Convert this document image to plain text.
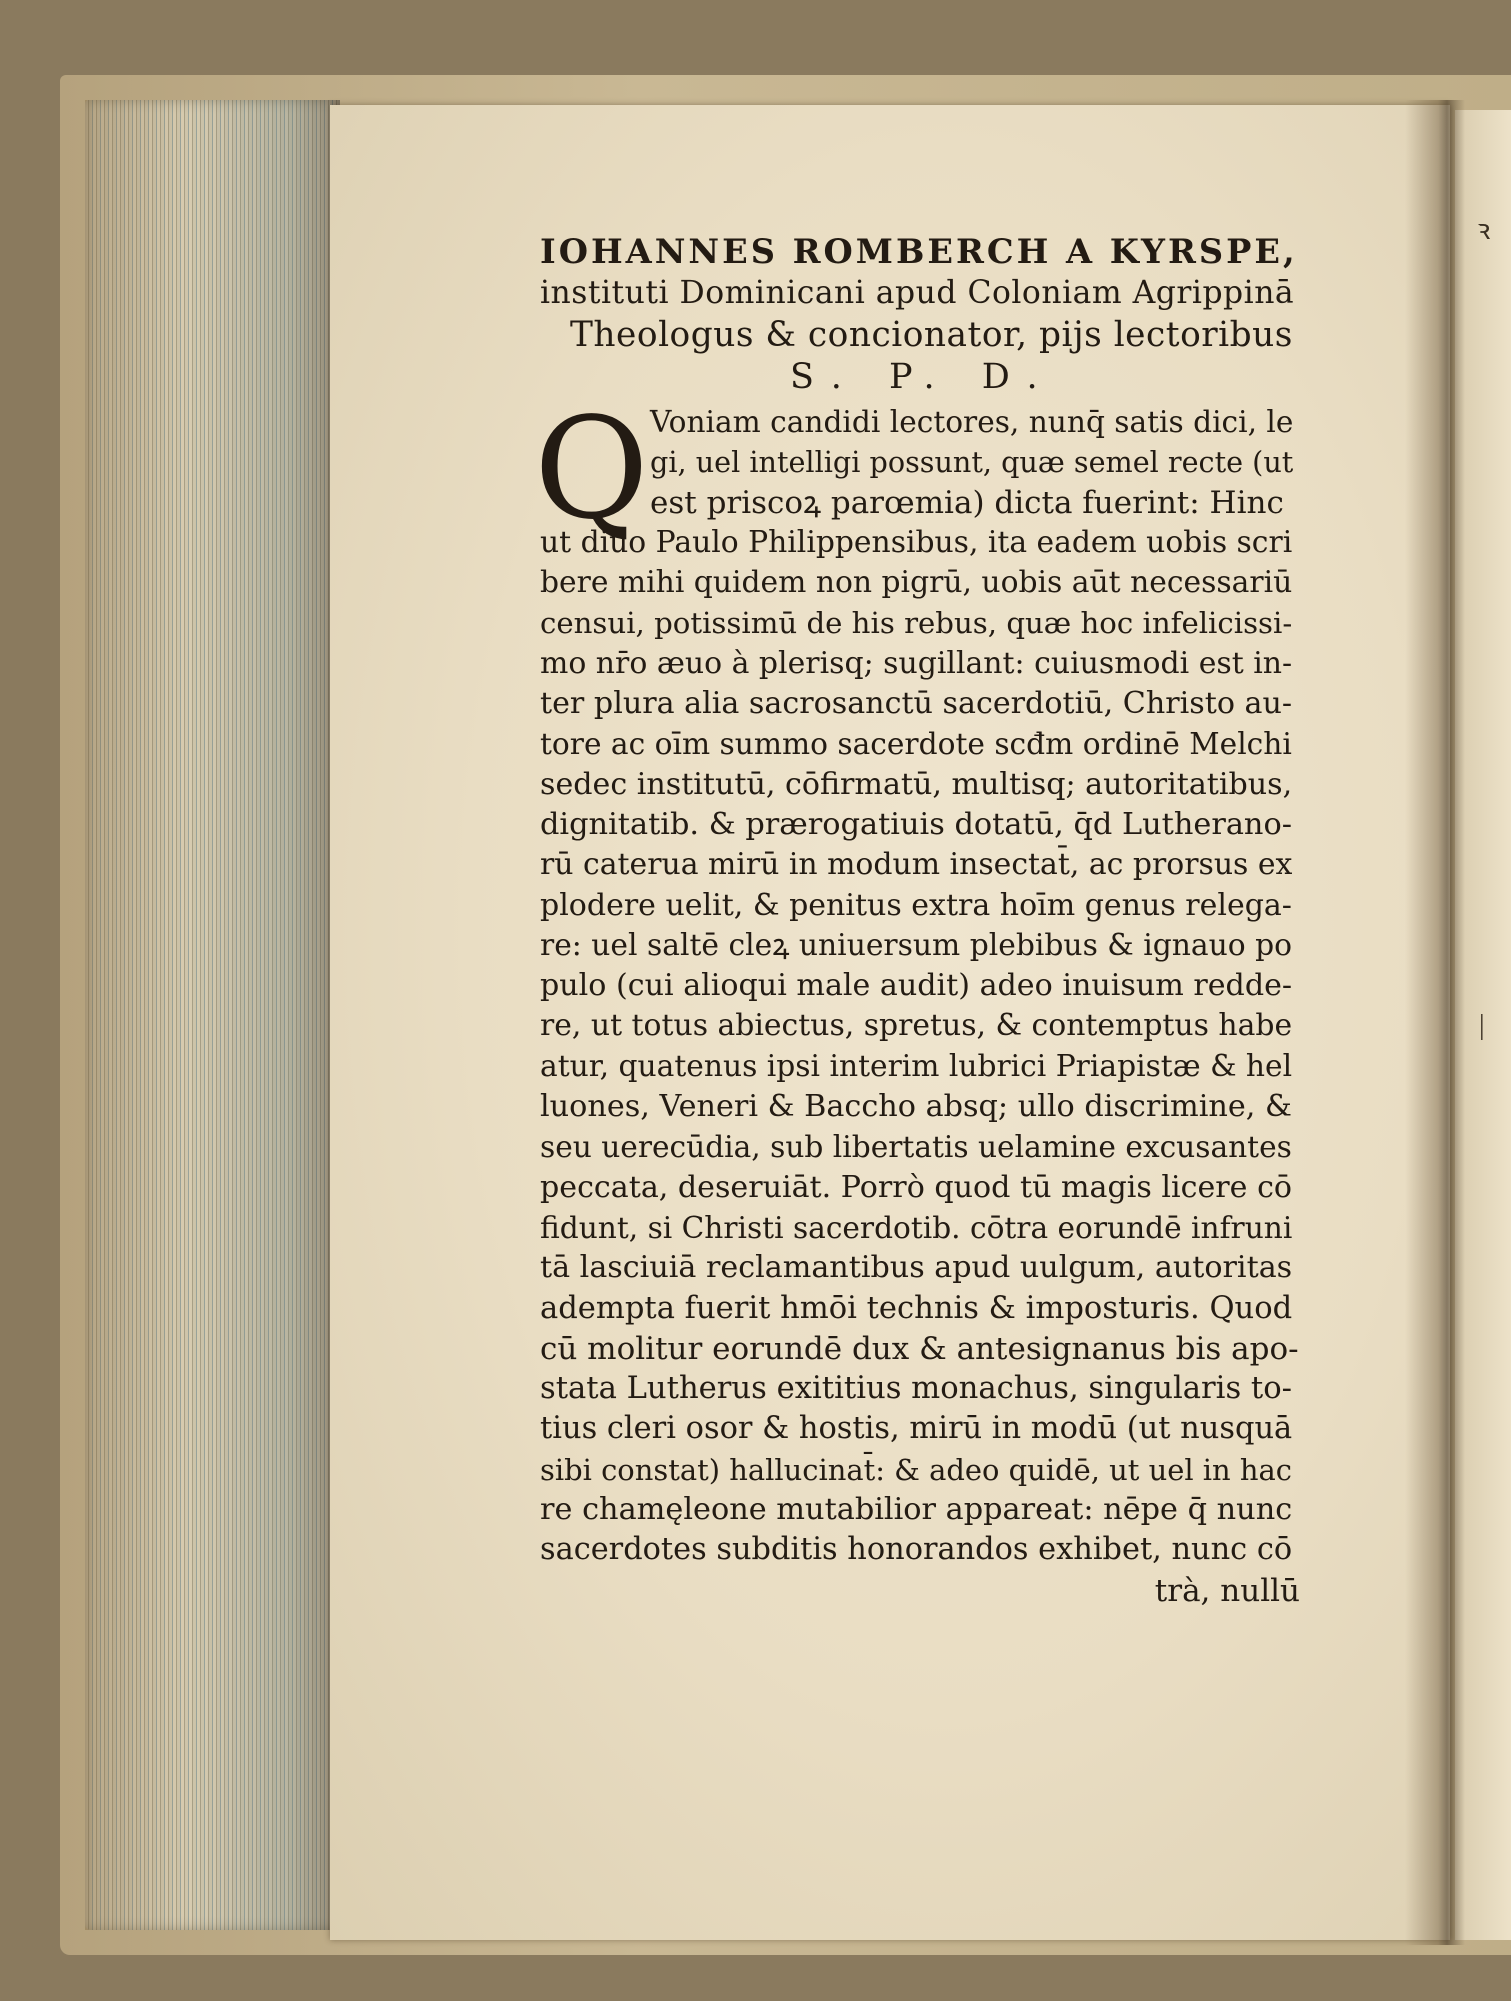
ꝛ
|
IOHANNES ROMBERCH A KYRSPE,
instituti Dominicani apud Coloniam Agrippinā
Theologus & concionator, pijs lectoribus
S. P. D.
Q Voniam candidi lectores, nunq̄ satis dici, le
gi, uel intelligi possunt, quæ semel recte (ut
est priscoꝝ parœmia) dicta fuerint: Hinc
ut diuo Paulo Philippensibus, ita eadem uobis scri
bere mihi quidem non pigrū, uobis aūt necessariū
censui, potissimū de his rebus, quæ hoc infelicissi-
mo nr̄o æuo à plerisq; sugillant: cuiusmodi est in-
ter plura alia sacrosanctū sacerdotiū, Christo au-
tore ac oīm summo sacerdote scđm ordinē Melchi
sedec institutū, cōfirmatū, multisq; autoritatibus,
dignitatib. & prærogatiuis dotatū, q̄d Lutherano-
rū caterua mirū in modum insectat̄, ac prorsus ex
plodere uelit, & penitus extra hoīm genus relega-
re: uel saltē cleꝝ uniuersum plebibus & ignauo po
pulo (cui alioqui male audit) adeo inuisum redde-
re, ut totus abiectus, spretus, & contemptus habe
atur, quatenus ipsi interim lubrici Priapistæ & hel
luones, Veneri & Baccho absq; ullo discrimine, &
seu uerecūdia, sub libertatis uelamine excusantes
peccata, deseruiāt. Porrò quod tū magis licere cō
fidunt, si Christi sacerdotib. cōtra eorundē infruni
tā lasciuiā reclamantibus apud uulgum, autoritas
adempta fuerit hmōi technis & imposturis. Quod
cū molitur eorundē dux & antesignanus bis apo-
stata Lutherus exititius monachus, singularis to-
tius cleri osor & hostis, mirū in modū (ut nusquā
sibi constat) hallucinat̄: & adeo quidē, ut uel in hac
re chamęleone mutabilior appareat: nēpe q̄ nunc
sacerdotes subditis honorandos exhibet, nunc cō
trà, nullū
